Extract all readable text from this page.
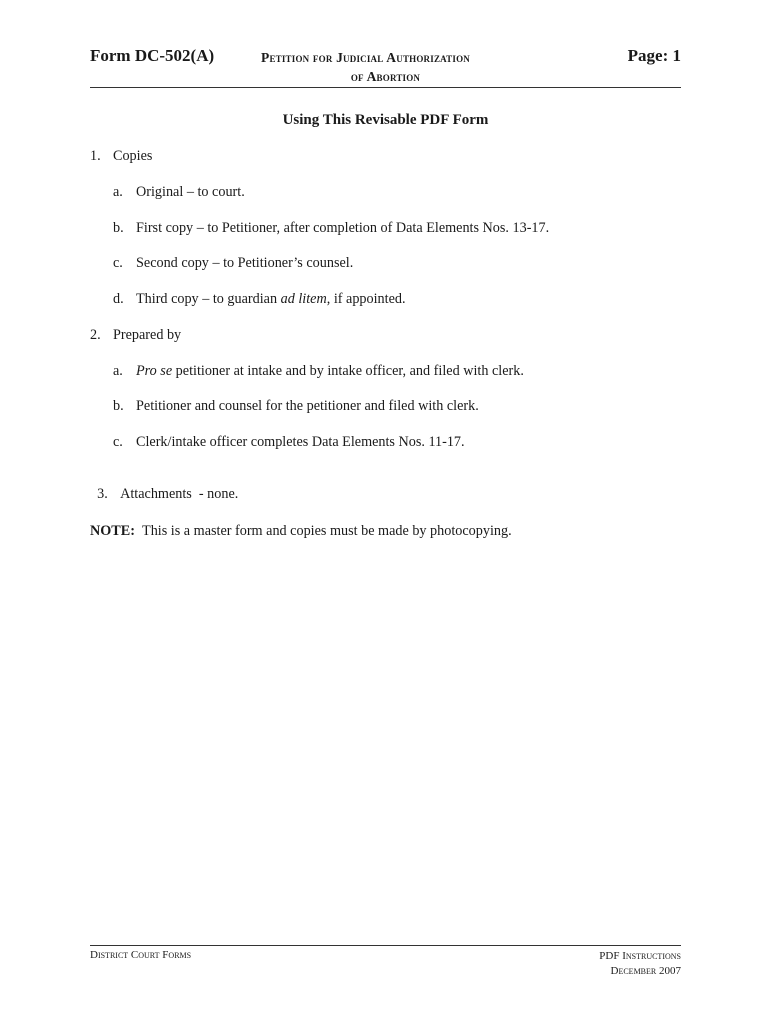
Form DC-502(A)	Petition for Judicial Authorization
of Abortion
Page: 1
Using This Revisable PDF Form
1. Copies
a. Original – to court.
b. First copy – to Petitioner, after completion of Data Elements Nos. 13-17.
c. Second copy – to Petitioner’s counsel.
d. Third copy – to guardian ad litem, if appointed.
2. Prepared by
a. Pro se petitioner at intake and by intake officer, and filed with clerk.
b. Petitioner and counsel for the petitioner and filed with clerk.
c. Clerk/intake officer completes Data Elements Nos. 11-17.

3. Attachments  - none.

NOTE: This is a master form and copies must be made by photocopying.
District Court Forms	PDF Instructions
December 2007
